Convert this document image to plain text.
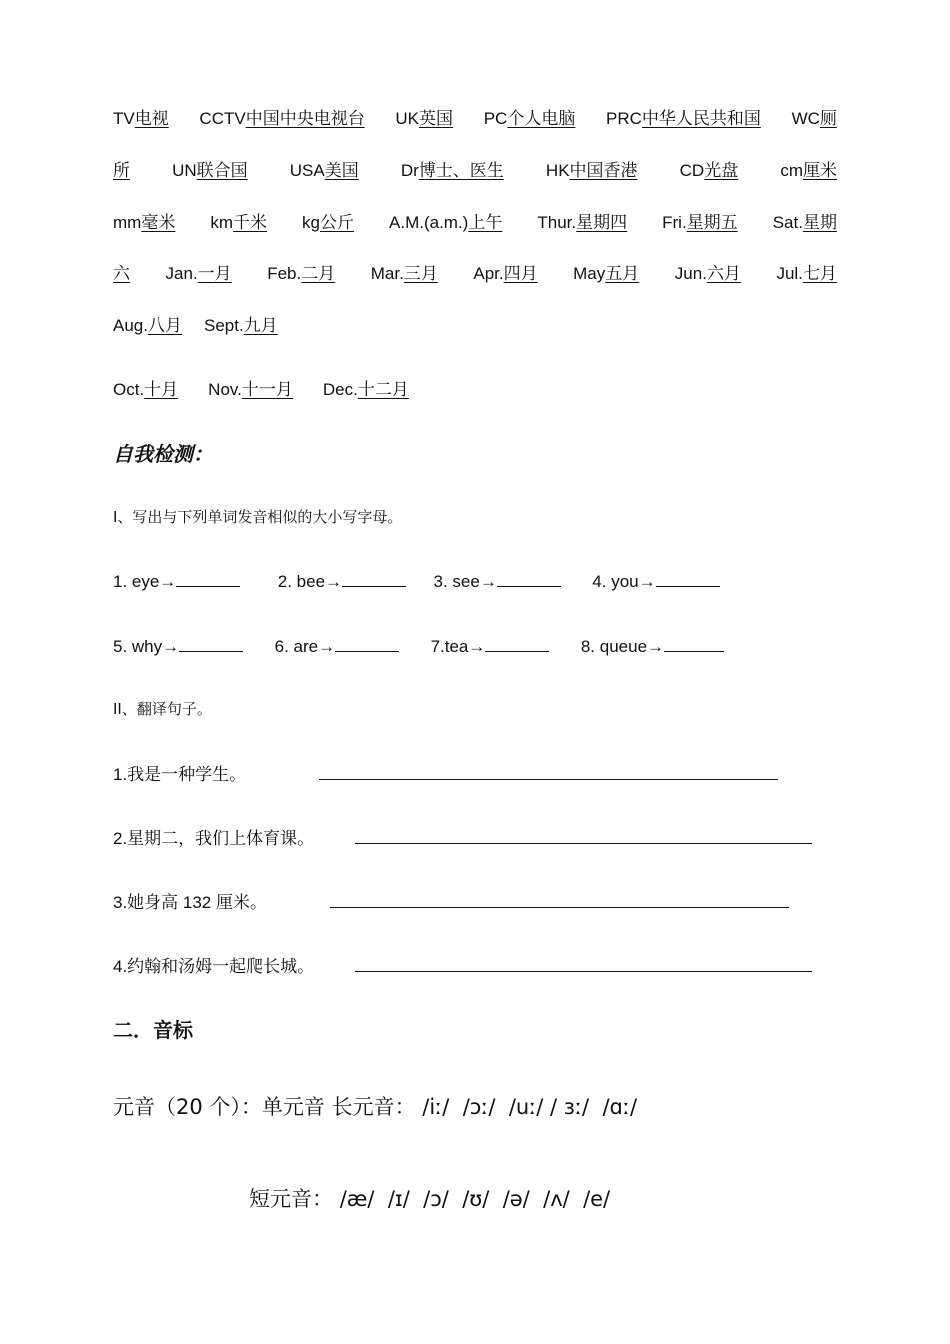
TV电视 CCTV中国中央电视台 UK英国 PC个人电脑 PRC中华人民共和国 WC厕
所 UN联合国 USA美国 Dr博士、医生 HK中国香港 CD光盘 cm厘米
mm毫米 km千米 kg公斤 A.M.(a.m.)上午 Thur.星期四 Fri.星期五 Sat.星期
六 Jan.一月 Feb.二月 Mar.三月 Apr.四月 May五月 Jun.六月 Jul.七月
Aug.八月 Sept.九月
Oct.十月 Nov.十一月 Dec.十二月
自我检测：
I、写出与下列单词发音相似的大小写字母。
1. eye→	2. bee→	3. see→	4. you→
5. why→	6. are→	7.tea→	8. queue→
II、翻译句子。
1.我是一种学生。
2.星期二，我们上体育课。
3.她身高 132 厘米。
4.约翰和汤姆一起爬长城。
二．音标
元音（20 个）：单元音 长元音： /iː/ /ɔː/ /uː/ / ɜː/ /ɑː/
短元音： /æ/ /ɪ/ /ɔ/ /ʊ/ /ə/ /ʌ/ /e/
